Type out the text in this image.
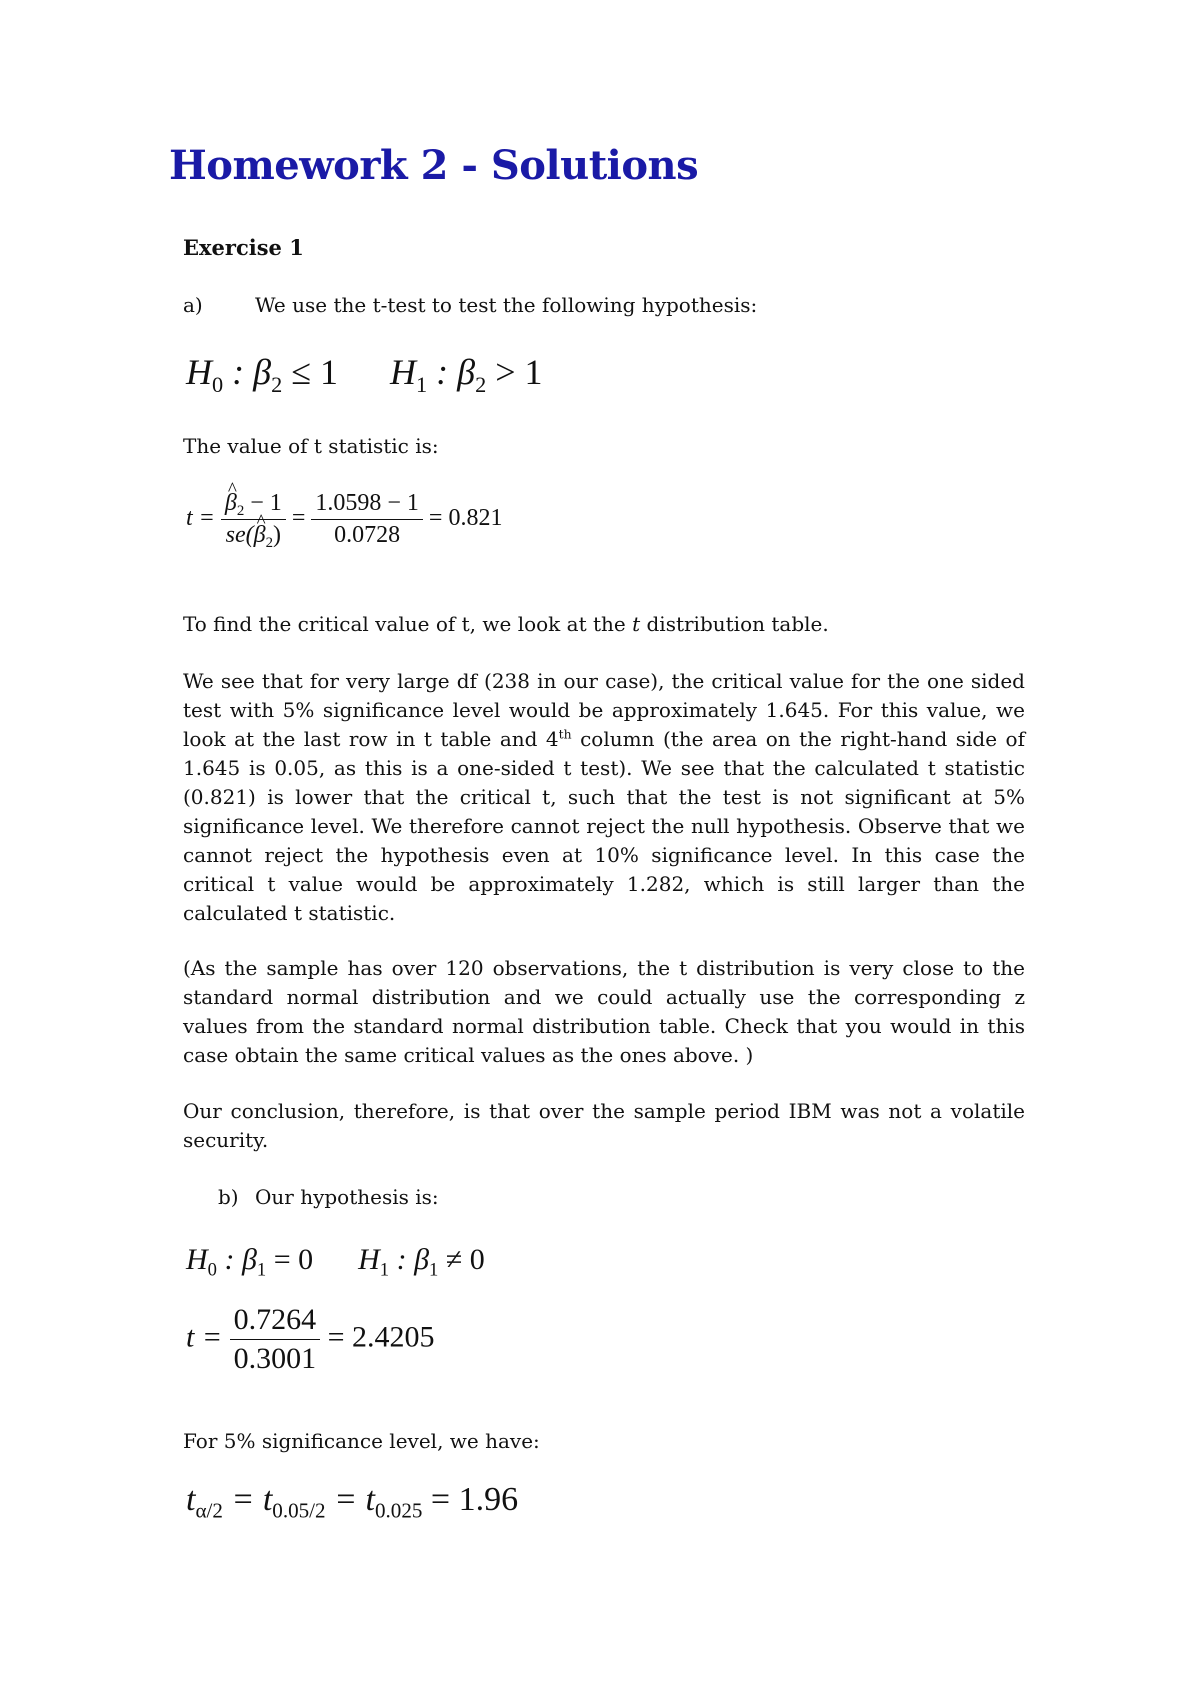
Homework 2 - Solutions
Exercise 1
a)	We use the t-test to test the following hypothesis:
$H_0$ : $\beta_2 \le 1$ $H_1$ : $\beta_2 > 1$
The value of t statistic is:
t =
^ $\frac{\beta_2 - 1}{se(\^{} \beta_2)} = \frac{1.0598 - 1}{0.0728} = 0.821$
To find the critical value of t, we look at the t distribution table.
We see that for very large df (238 in our case), the critical value for the one sided test with 5% significance level would be approximately 1.645. For this value, we look at the last row in t table and 4th column (the area on the right-hand side of 1.645 is 0.05, as this is a one-sided t test). We see that the calculated t statistic (0.821) is lower that the critical t, such that the test is not significant at 5% significance level. We therefore cannot reject the null hypothesis. Observe that we cannot reject the hypothesis even at 10% significance level. In this case the critical t value would be approximately 1.282, which is still larger than the calculated t statistic.
(As the sample has over 120 observations, the t distribution is very close to the standard normal distribution and we could actually use the corresponding z values from the standard normal distribution table. Check that you would in this case obtain the same critical values as the ones above. )
Our conclusion, therefore, is that over the sample period IBM was not a volatile security.
b) Our hypothesis is:
$H_0$ : $\beta_1 = 0$ $H_1$ : $\beta_1 \ne 0$
$t = \frac{0.7264}{0.3001} = 2.4205$
For 5% significance level, we have:
$t_{\alpha/2} = t_{0.05/2} = t_{0.025} = 1.96$
